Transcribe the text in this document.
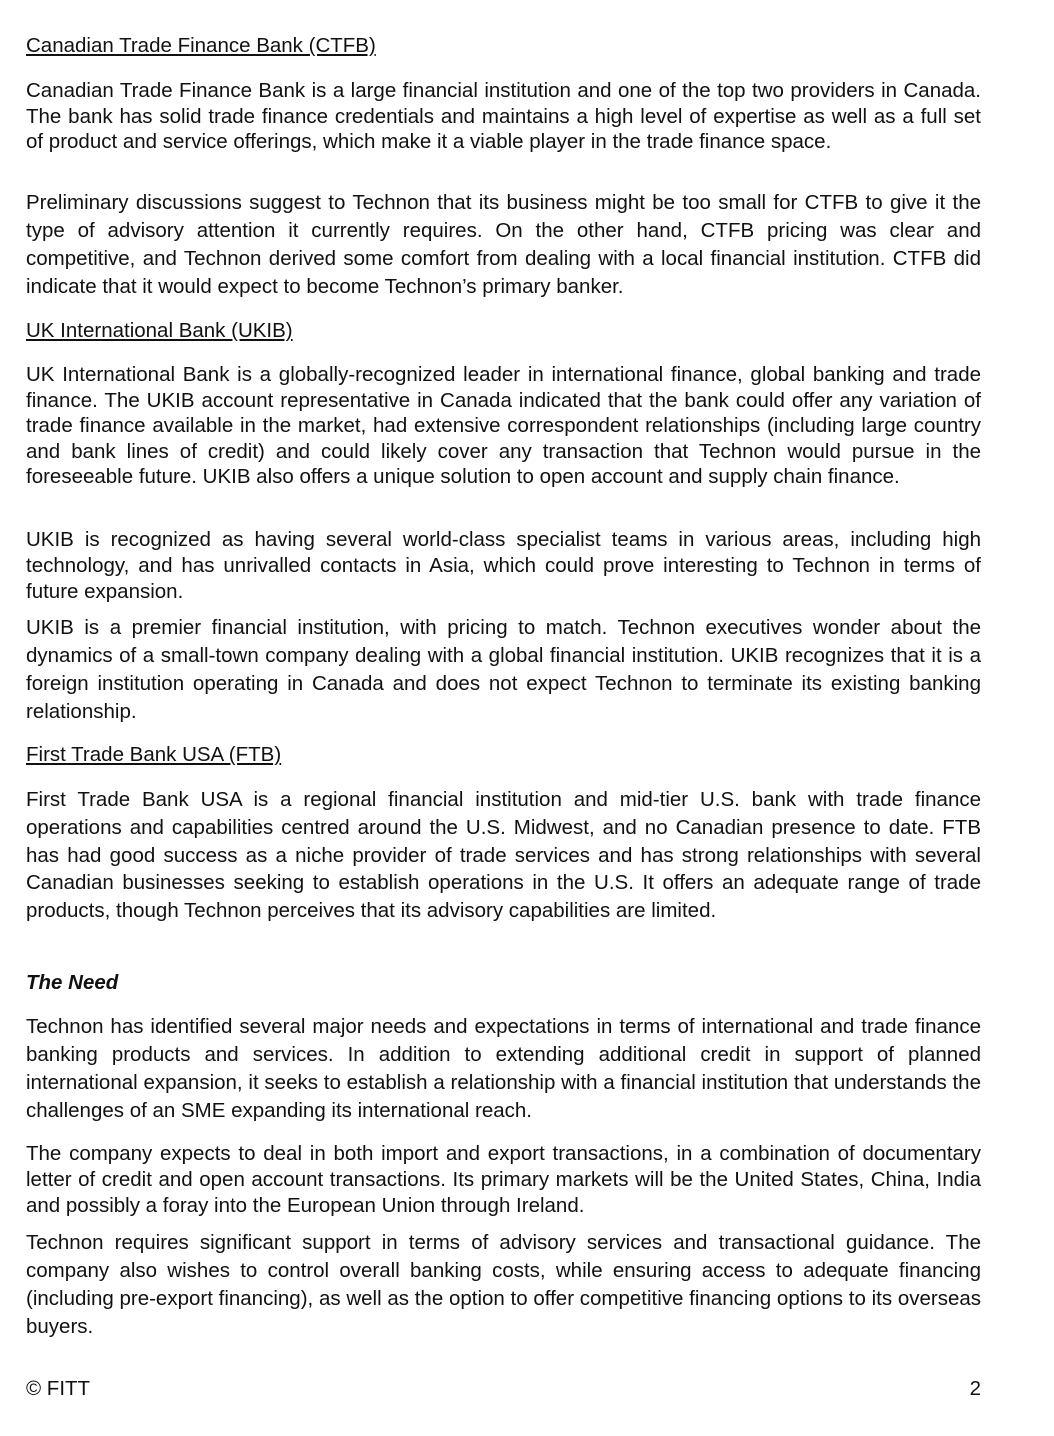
Canadian Trade Finance Bank (CTFB)

Canadian Trade Finance Bank is a large financial institution and one of the top two providers in Canada. The bank has solid trade finance credentials and maintains a high level of expertise as well as a full set of product and service offerings, which make it a viable player in the trade finance space.

Preliminary discussions suggest to Technon that its business might be too small for CTFB to give it the type of advisory attention it currently requires. On the other hand, CTFB pricing was clear and competitive, and Technon derived some comfort from dealing with a local financial institution. CTFB did indicate that it would expect to become Technon’s primary banker.

UK International Bank (UKIB)

UK International Bank is a globally-recognized leader in international finance, global banking and trade finance. The UKIB account representative in Canada indicated that the bank could offer any variation of trade finance available in the market, had extensive correspondent relationships (including large country and bank lines of credit) and could likely cover any transaction that Technon would pursue in the foreseeable future. UKIB also offers a unique solution to open account and supply chain finance.

UKIB is recognized as having several world-class specialist teams in various areas, including high technology, and has unrivalled contacts in Asia, which could prove interesting to Technon in terms of future expansion.

UKIB is a premier financial institution, with pricing to match. Technon executives wonder about the dynamics of a small-town company dealing with a global financial institution. UKIB recognizes that it is a foreign institution operating in Canada and does not expect Technon to terminate its existing banking relationship.

First Trade Bank USA (FTB)

First Trade Bank USA is a regional financial institution and mid-tier U.S. bank with trade finance operations and capabilities centred around the U.S. Midwest, and no Canadian presence to date. FTB has had good success as a niche provider of trade services and has strong relationships with several Canadian businesses seeking to establish operations in the U.S. It offers an adequate range of trade products, though Technon perceives that its advisory capabilities are limited.

The Need

Technon has identified several major needs and expectations in terms of international and trade finance banking products and services. In addition to extending additional credit in support of planned international expansion, it seeks to establish a relationship with a financial institution that understands the challenges of an SME expanding its international reach.

The company expects to deal in both import and export transactions, in a combination of documentary letter of credit and open account transactions. Its primary markets will be the United States, China, India and possibly a foray into the European Union through Ireland.

Technon requires significant support in terms of advisory services and transactional guidance. The company also wishes to control overall banking costs, while ensuring access to adequate financing (including pre-export financing), as well as the option to offer competitive financing options to its overseas buyers.

© FITT	2
